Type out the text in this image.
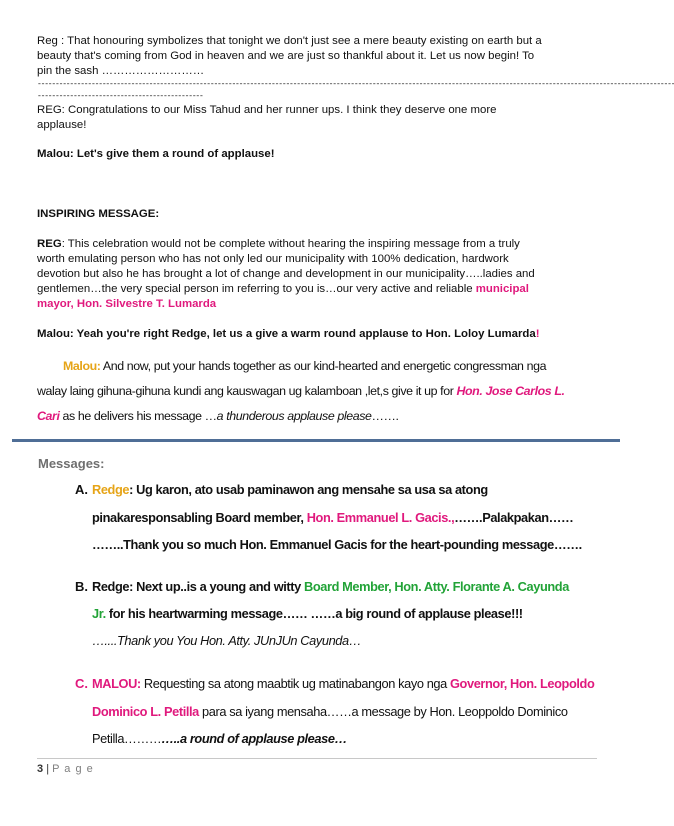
Reg : That honouring symbolizes that tonight we don't just see a mere beauty existing on earth but a
beauty that's coming from God in heaven and we are just so thankful about it. Let us now begin! To
pin the sash ………………………
---------------------------------------------------------------------------------------------------------------------------------------------------------------------------------
----------------------------------------------
REG: Congratulations to our Miss Tahud and her runner ups. I think they deserve one more
applause!
Malou: Let's give them a round of applause!
INSPIRING MESSAGE:
REG: This celebration would not be complete without hearing the inspiring message from a truly
worth emulating person who has not only led our municipality with 100% dedication, hardwork
devotion but also he has brought a lot of change and development in our municipality…..ladies and
gentlemen…the very special person im referring to you is…our very active and reliable municipal
mayor, Hon. Silvestre T. Lumarda
Malou: Yeah you're right Redge, let us a give a warm round applause to Hon. Loloy Lumarda!
Malou: And now, put your hands together as our kind-hearted and energetic congressman nga
walay laing gihuna-gihuna kundi ang kauswagan ug kalamboan ,let,s give it up for Hon. Jose Carlos L.
Cari as he delivers his message …a thunderous applause please…….
Messages:
A. Redge: Ug karon, ato usab paminawon ang mensahe sa usa sa atong
pinakaresponsabling Board member, Hon. Emmanuel L. Gacis.,…….Palakpakan……
……..Thank you so much Hon. Emmanuel Gacis for the heart-pounding message…….
B. Redge: Next up..is a young and witty Board Member, Hon. Atty. Florante A. Cayunda
Jr. for his heartwarming message…… ……a big round of applause please!!!
…....Thank you You Hon. Atty. JUnJUn Cayunda…
C. MALOU: Requesting sa atong maabtik ug matinabangon kayo nga Governor, Hon. Leopoldo
Dominico L. Petilla para sa iyang mensaha……a message by Hon. Leoppoldo Dominico
Petilla…………..a round of applause please…
3 | P a g e
